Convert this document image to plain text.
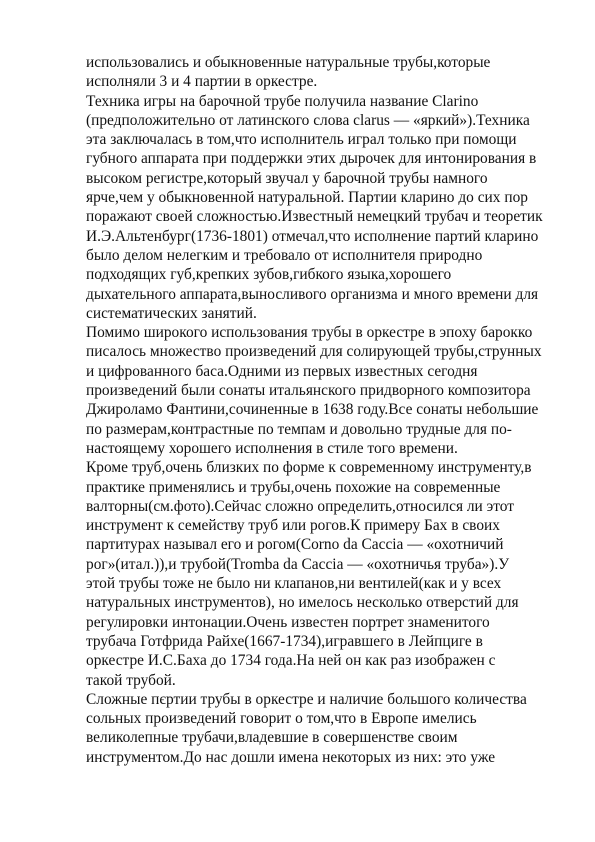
использовались и обыкновенные натуральные трубы,которые
исполняли 3 и 4 партии в оркестре.
Техника игры на барочной трубе получила название Clarino
(предположительно от латинского слова clarus — «яркий»).Техника
эта заключалась в том,что исполнитель играл только при помощи
губного аппарата при поддержки этих дырочек для интонирования в
высоком регистре,который звучал у барочной трубы намного
ярче,чем у обыкновенной натуральной. Партии кларино до сих пор
поражают своей сложностью.Известный немецкий трубач и теоретик
И.Э.Альтенбург(1736-1801) отмечал,что исполнение партий кларино
было делом нелегким и требовало от исполнителя природно
подходящих губ,крепких зубов,гибкого языка,хорошего
дыхательного аппарата,выносливого организма и много времени для
систематических занятий.
Помимо широкого использования трубы в оркестре в эпоху барокко
писалось множество произведений для солирующей трубы,струнных
и цифрованного баса.Одними из первых известных сегодня
произведений были сонаты итальянского придворного композитора
Джироламо Фантини,сочиненные в 1638 году.Все сонаты небольшие
по размерам,контрастные по темпам и довольно трудные для по-
настоящему хорошего исполнения в стиле того времени.
Кроме труб,очень близких по форме к современному инструменту,в
практике применялись и трубы,очень похожие на современные
валторны(см.фото).Сейчас сложно определить,относился ли этот
инструмент к семейству труб или рогов.К примеру Бах в своих
партитурах называл его и рогом(Corno da Caccia — «охотничий
рог»(итал.)),и трубой(Tromba da Caccia — «охотничья труба»).У
этой трубы тоже не было ни клапанов,ни вентилей(как и у всех
натуральных инструментов), но имелось несколько отверстий для
регулировки интонации.Очень известен портрет знаменитого
трубача Готфрида Райхе(1667-1734),игравшего в Лейпциге в
оркестре И.С.Баха до 1734 года.На ней он как раз изображен с
такой трубой.
Сложные пєртии трубы в оркестре и наличие большого количества
сольных произведений говорит о том,что в Европе имелись
великолепные трубачи,владевшие в совершенстве своим
инструментом.До нас дошли имена некоторых из них: это уже
